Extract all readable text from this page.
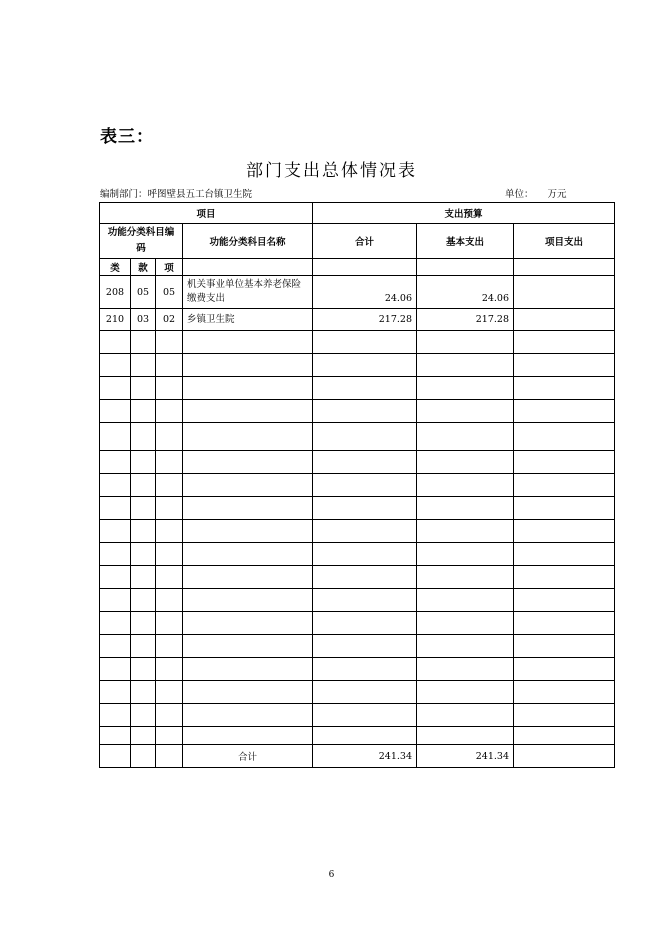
表三：
部门支出总体情况表
编制部门：呼图壁县五工台镇卫生院	单位： 万元
项目				支出预算		
功能分类科目编码			功能分类科目名称	合计	基本支出	项目支出
类	款	项				
208	05	05	机关事业单位基本养老保险缴费支出	24.06	24.06	
210	03	02	乡镇卫生院	217.28	217.28	

			合计	241.34	241.34	
6
